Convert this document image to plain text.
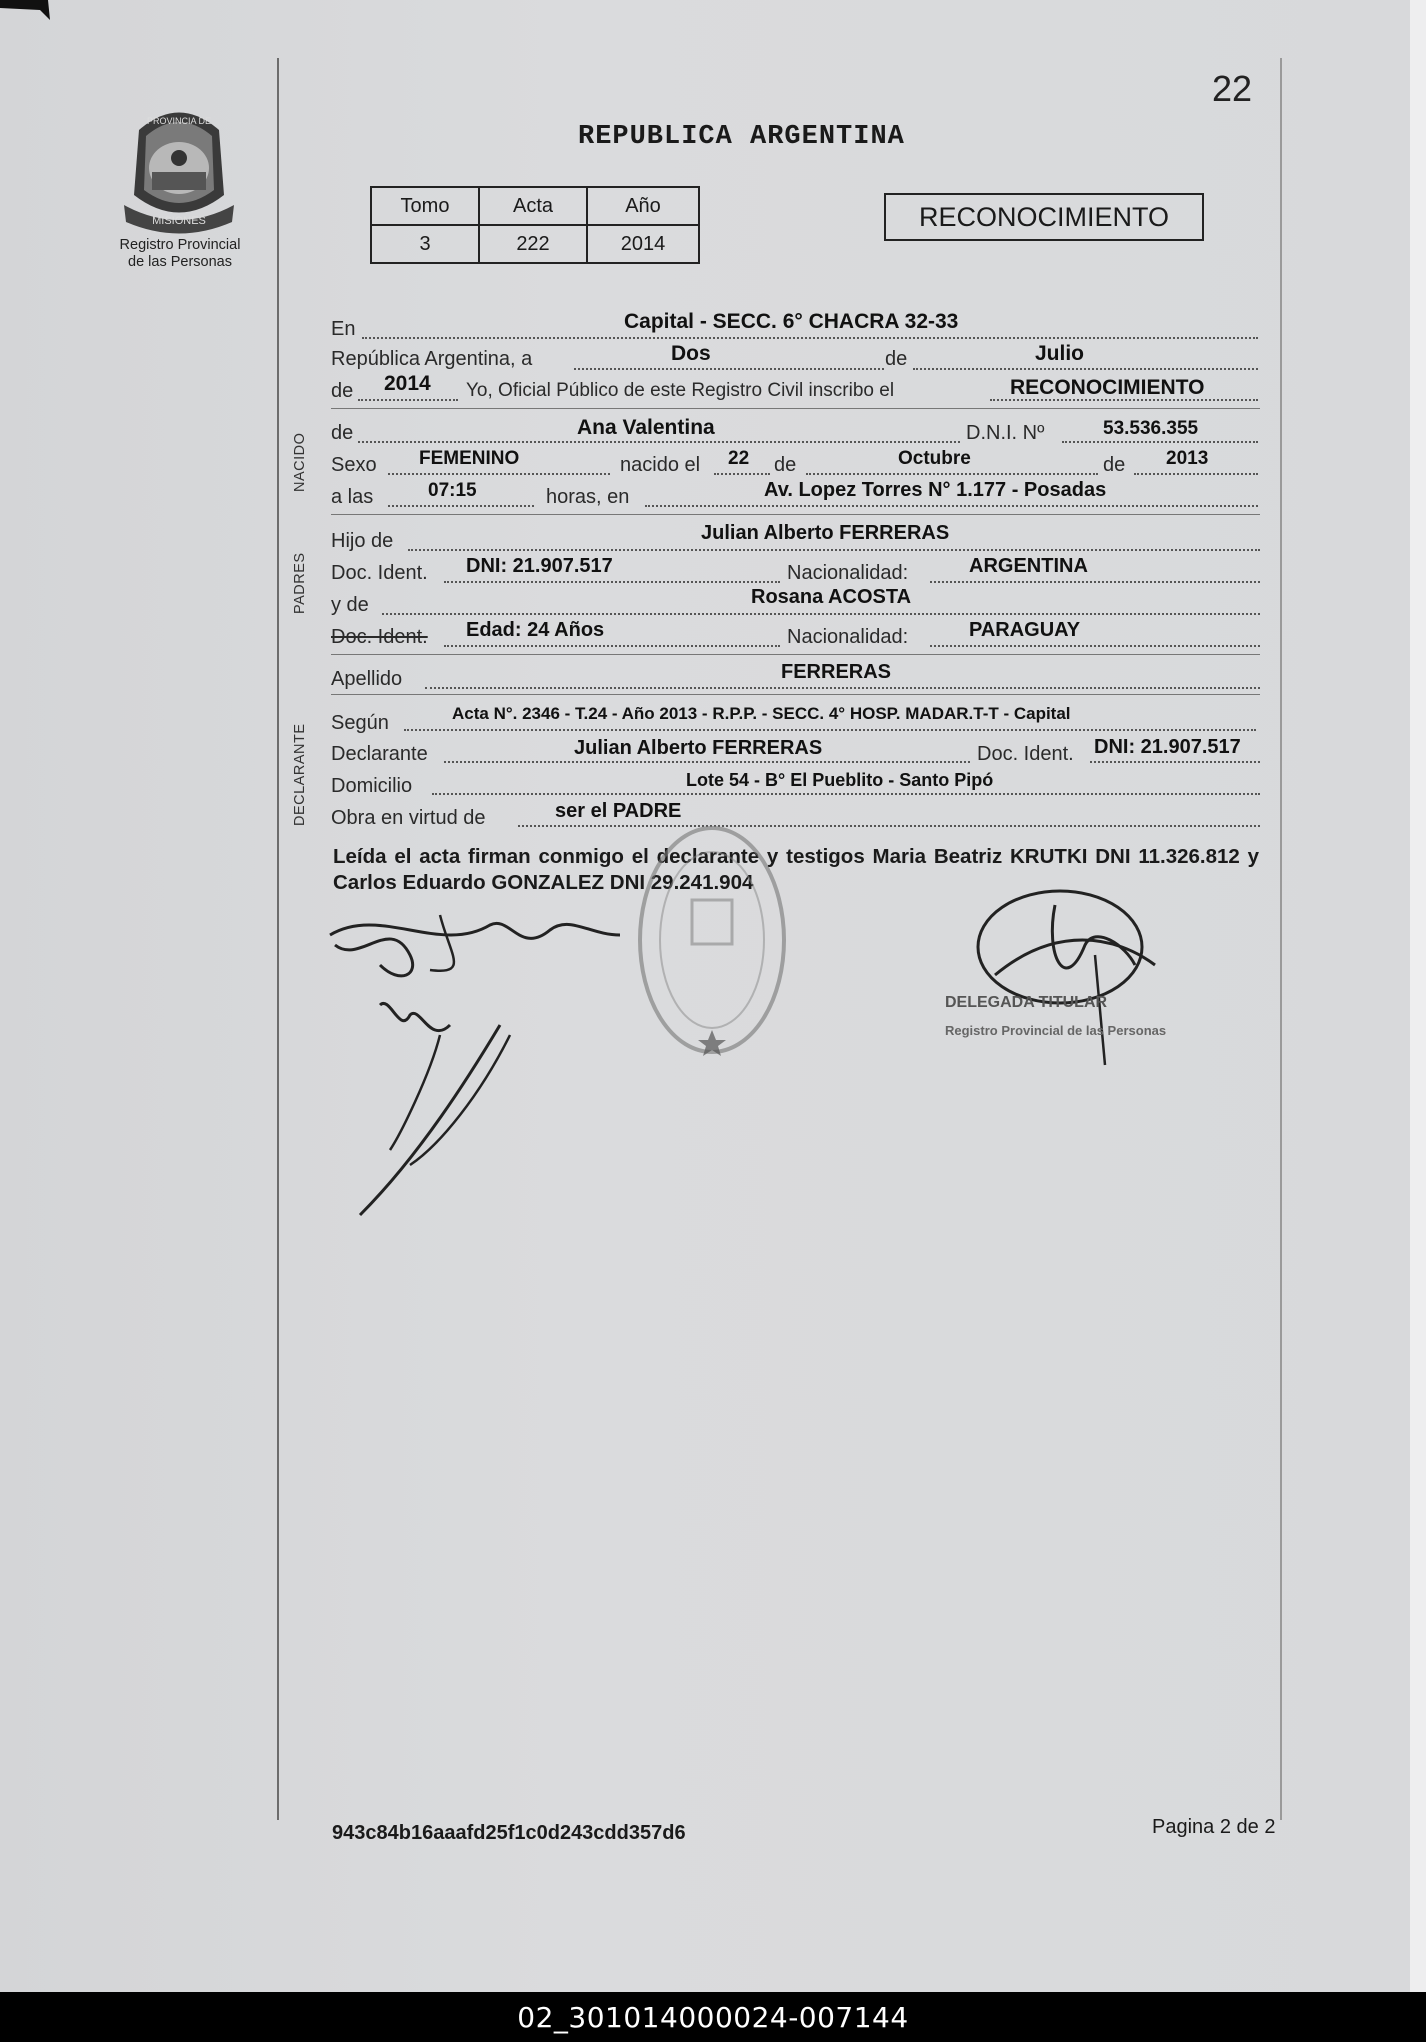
PROVINCIA DE
MISIONES
Registro Provincial
de las Personas
22
REPUBLICA ARGENTINA
Tomo	Acta	Año
3	222	2014
RECONOCIMIENTO
NACIDO
PADRES
DECLARANTE
En	Capital - SECC. 6° CHACRA 32-33
República Argentina, a	Dos	de	Julio
de 2014 Yo, Oficial Público de este Registro Civil inscribo el	RECONOCIMIENTO
de	Ana Valentina	D.N.I. Nº	53.536.355
Sexo FEMENINO	nacido el 22 de	Octubre	de 2013
a las	07:15	horas, en	Av. Lopez Torres N° 1.177 - Posadas
Hijo de	Julian Alberto FERRERAS
Doc. Ident. DNI: 21.907.517	Nacionalidad:	ARGENTINA
y de	Rosana ACOSTA
Doc. Ident. Edad: 24 Años	Nacionalidad:	PARAGUAY
Apellido	FERRERAS
Según	Acta N°. 2346 - T.24 - Año 2013 - R.P.P. - SECC. 4° HOSP. MADAR.T-T - Capital
Declarante	Julian Alberto FERRERAS	Doc. Ident. DNI: 21.907.517
Domicilio	Lote 54 - B° El Pueblito - Santo Pipó
Obra en virtud de	ser el PADRE
Leída el acta firman conmigo el declarante y testigos Maria Beatriz KRUTKI DNI 11.326.812 y Carlos Eduardo GONZALEZ DNI 29.241.904
DELEGADA TITULAR
Registro Provincial de las Personas
943c84b16aaafd25f1c0d243cdd357d6	Pagina 2 de 2
02_301014000024-007144
